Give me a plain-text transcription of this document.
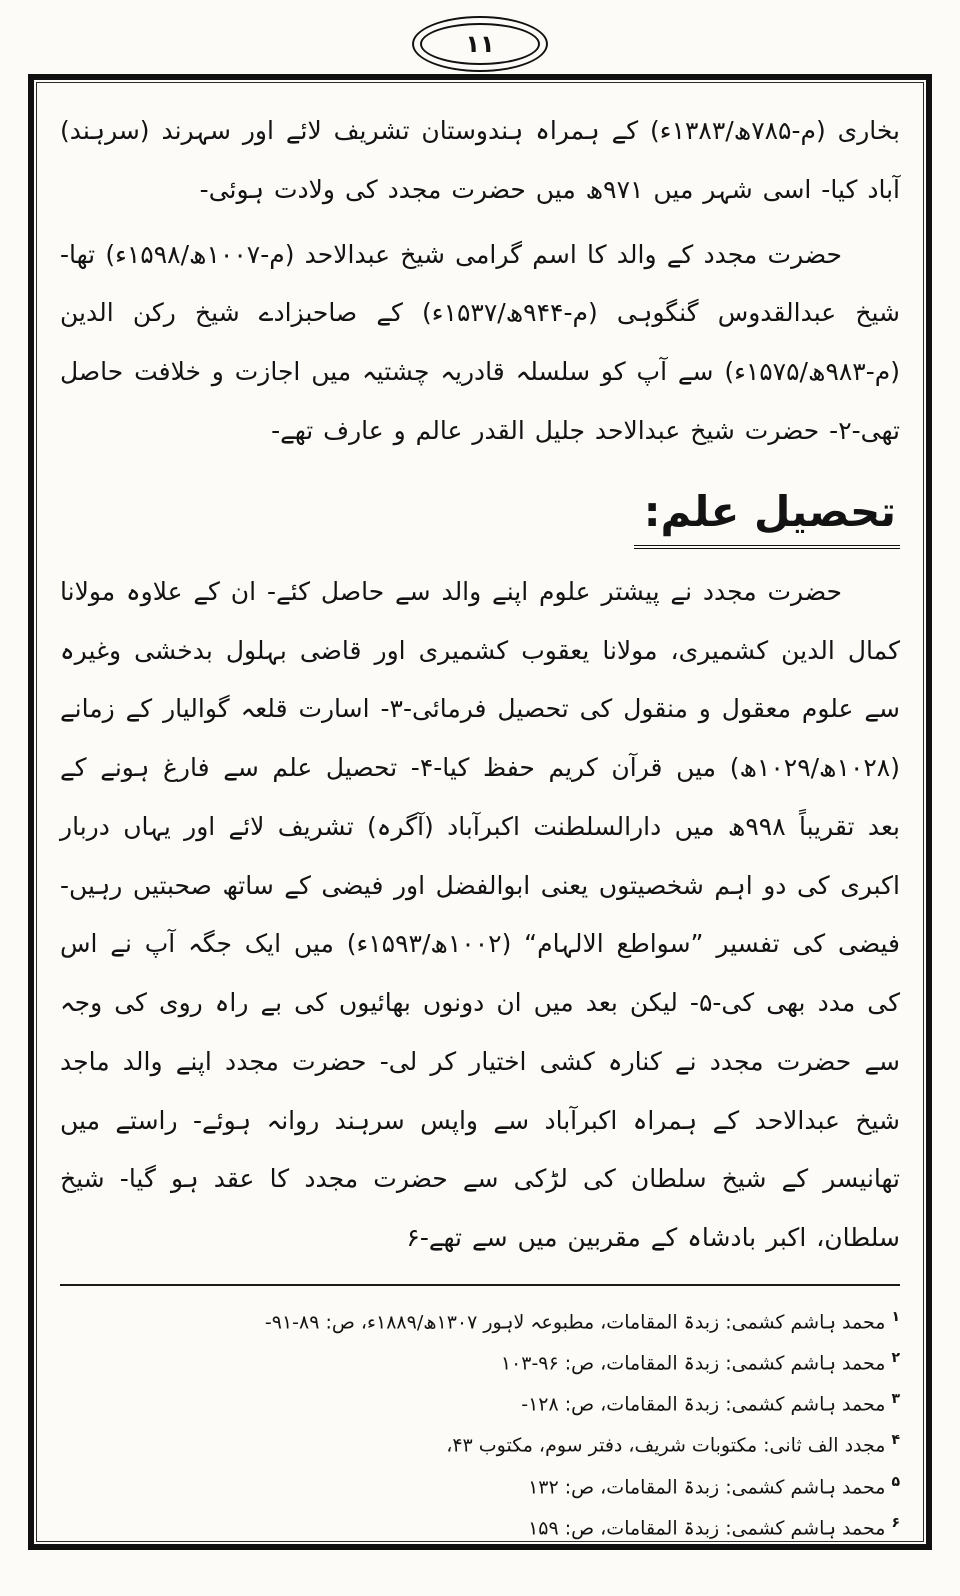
۱۱

بخاری (م-۷۸۵ھ/۱۳۸۳ء) کے ہمراہ ہندوستان تشریف لائے اور سہرند (سرہند) آباد کیا- اسی شہر میں ۹۷۱ھ میں حضرت مجدد کی ولادت ہوئی-

حضرت مجدد کے والد کا اسم گرامی شیخ عبدالاحد (م-۱۰۰۷ھ/۱۵۹۸ء) تھا- شیخ عبدالقدوس گنگوہی (م-۹۴۴ھ/۱۵۳۷ء) کے صاحبزادے شیخ رکن الدین (م-۹۸۳ھ/۱۵۷۵ء) سے آپ کو سلسلہ قادریہ چشتیہ میں اجازت و خلافت حاصل تھی-۲- حضرت شیخ عبدالاحد جلیل القدر عالم و عارف تھے-

تحصیل علم:

حضرت مجدد نے پیشتر علوم اپنے والد سے حاصل کئے- ان کے علاوہ مولانا کمال الدین کشمیری، مولانا یعقوب کشمیری اور قاضی بہلول بدخشی وغیرہ سے علوم معقول و منقول کی تحصیل فرمائی-۳- اسارت قلعہ گوالیار کے زمانے (۱۰۲۸ھ/۱۰۲۹ھ) میں قرآن کریم حفظ کیا-۴- تحصیل علم سے فارغ ہونے کے بعد تقریباً ۹۹۸ھ میں دارالسلطنت اکبرآباد (آگرہ) تشریف لائے اور یہاں دربار اکبری کی دو اہم شخصیتوں یعنی ابوالفضل اور فیضی کے ساتھ صحبتیں رہیں- فیضی کی تفسیر ”سواطع الالہام“ (۱۰۰۲ھ/۱۵۹۳ء) میں ایک جگہ آپ نے اس کی مدد بھی کی-۵- لیکن بعد میں ان دونوں بھائیوں کی بے راہ روی کی وجہ سے حضرت مجدد نے کنارہ کشی اختیار کر لی- حضرت مجدد اپنے والد ماجد شیخ عبدالاحد کے ہمراہ اکبرآباد سے واپس سرہند روانہ ہوئے- راستے میں تھانیسر کے شیخ سلطان کی لڑکی سے حضرت مجدد کا عقد ہو گیا- شیخ سلطان، اکبر بادشاہ کے مقربین میں سے تھے-۶

$^۱$محمد ہاشم کشمی: زبدۃ المقامات، مطبوعہ لاہور ۱۳۰۷ھ/۱۸۸۹ء، ص: ۸۹-۹۱-
$^۲$محمد ہاشم کشمی: زبدۃ المقامات، ص: ۹۶-۱۰۳
$^۳$محمد ہاشم کشمی: زبدۃ المقامات، ص: ۱۲۸-
$^۴$مجدد الف ثانی: مکتوبات شریف، دفتر سوم، مکتوب ۴۳،
$^۵$محمد ہاشم کشمی: زبدۃ المقامات، ص: ۱۳۲
$^۶$محمد ہاشم کشمی: زبدۃ المقامات، ص: ۱۵۹
